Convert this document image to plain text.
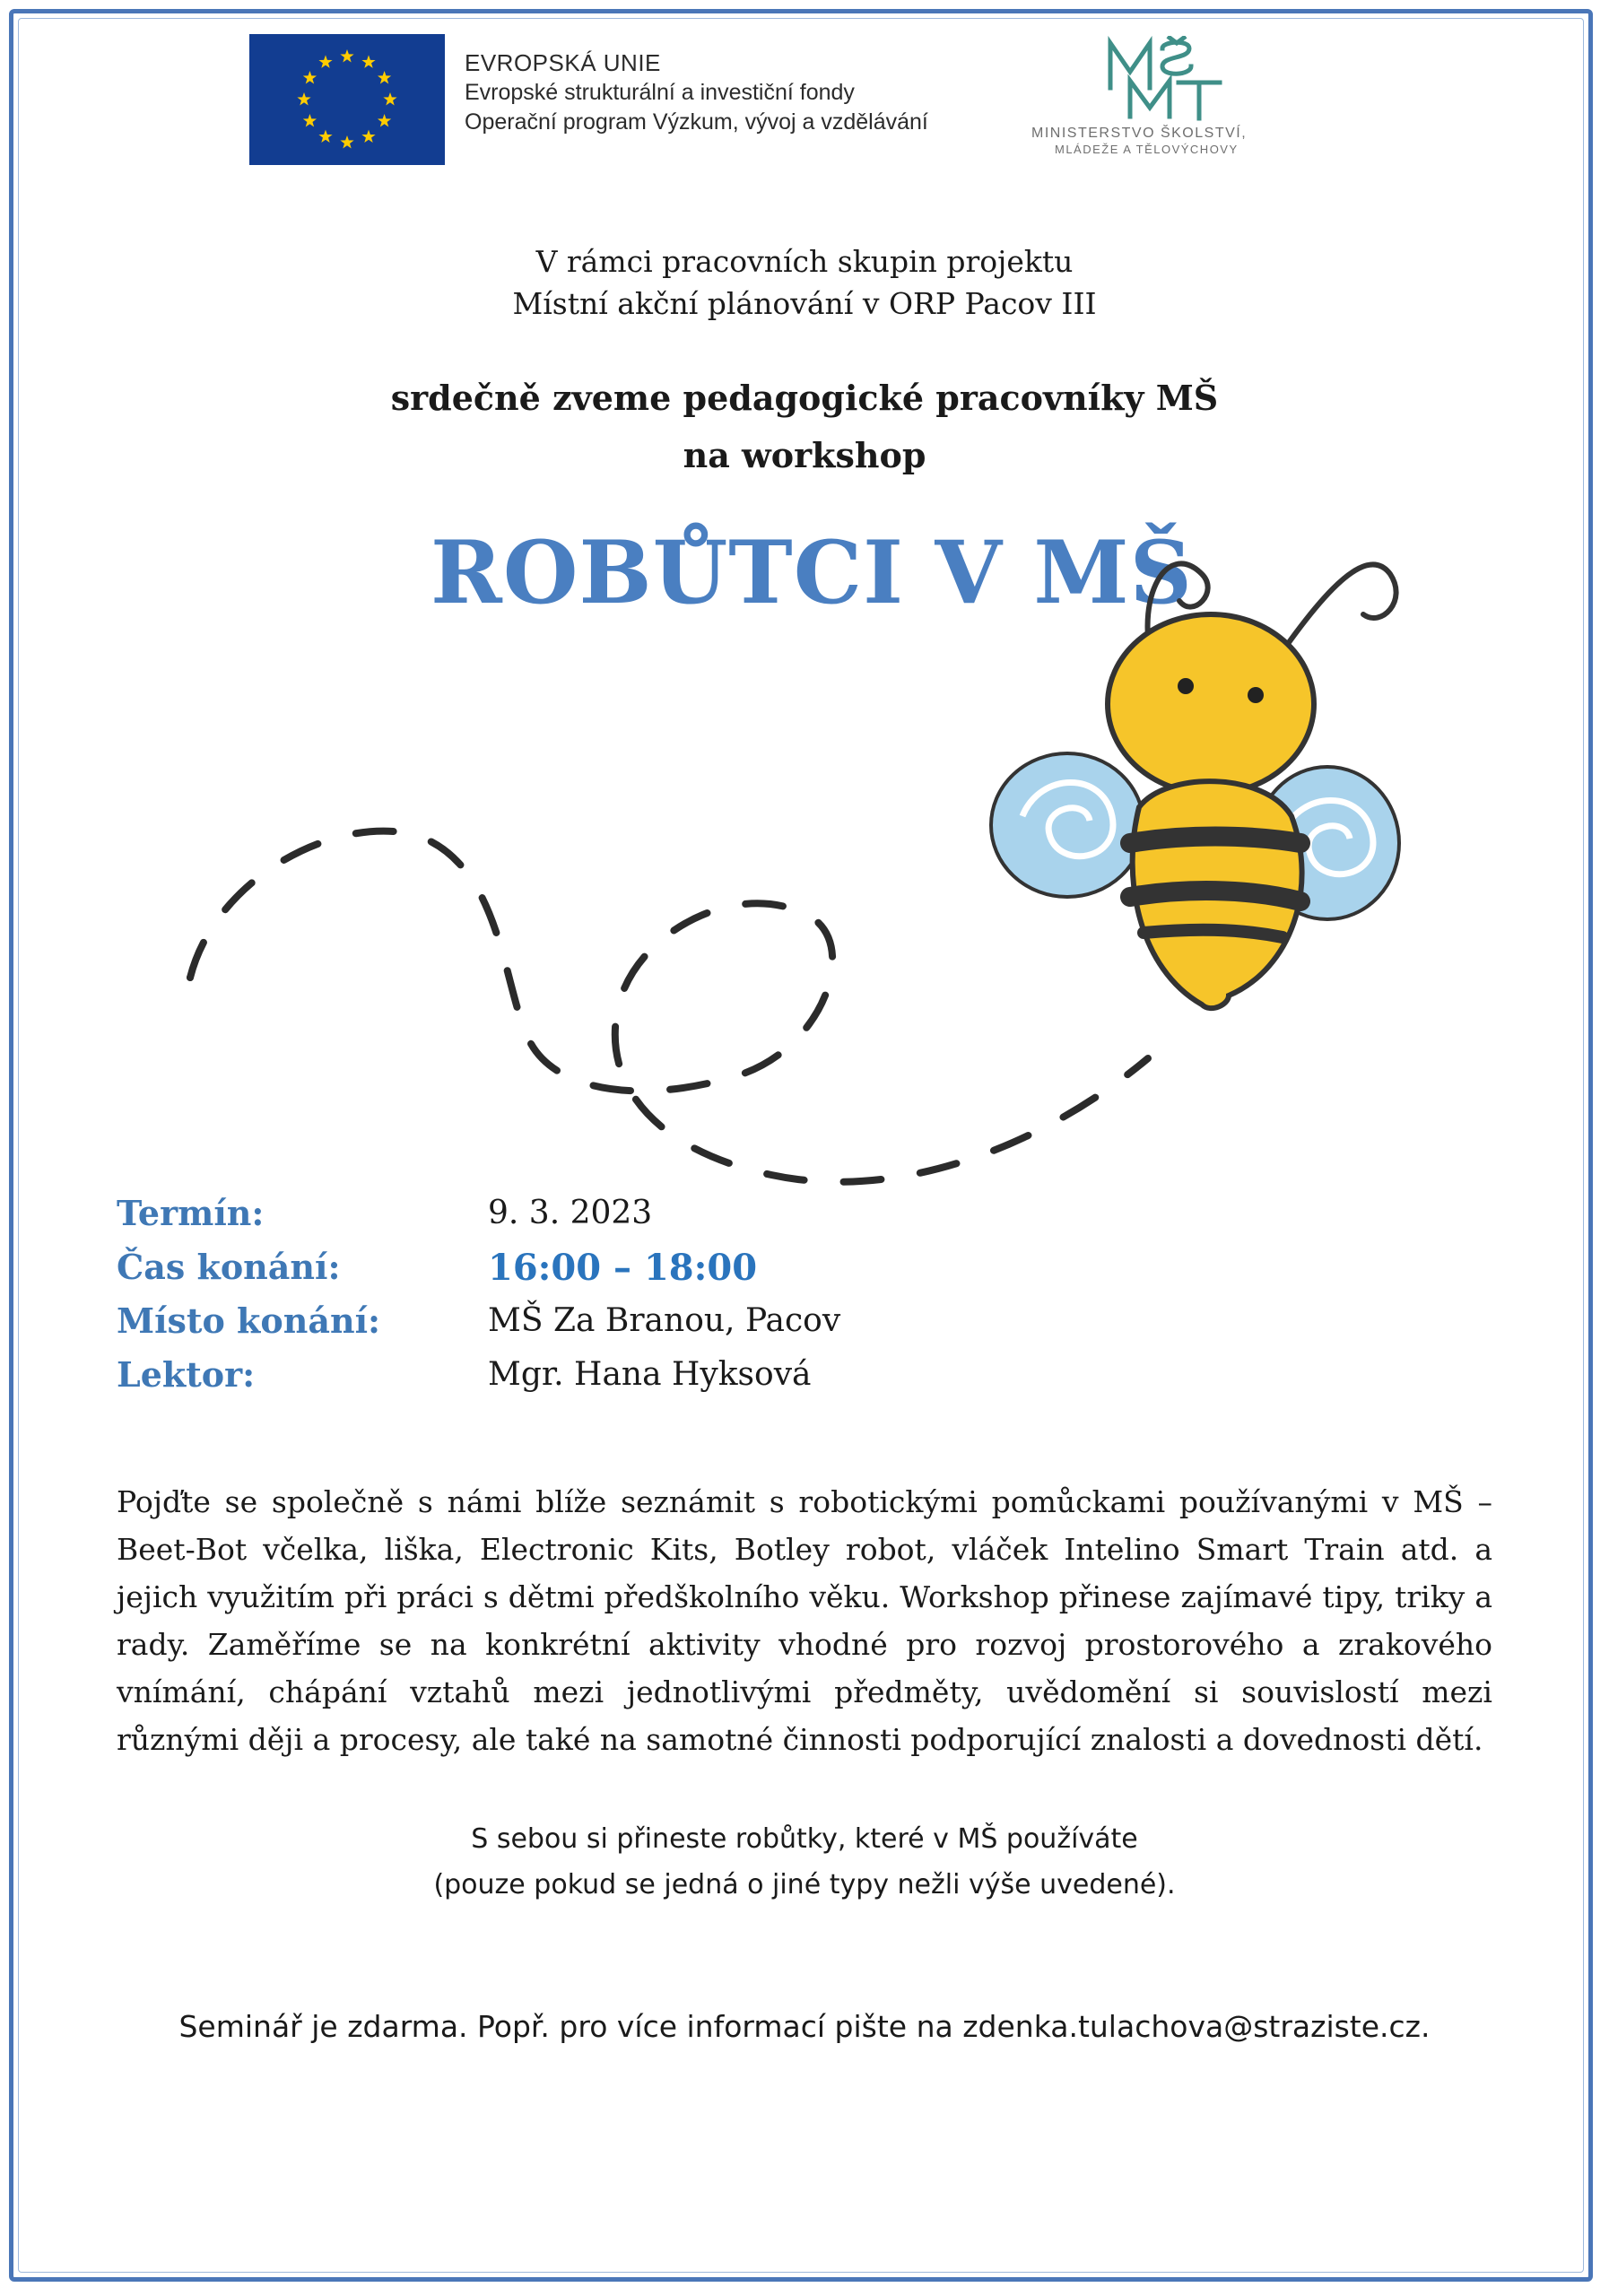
EVROPSKÁ UNIE
Evropské strukturální a investiční fondy
Operační program Výzkum, vývoj a vzdělávání	MINISTERSTVO ŠKOLSTVÍ,
MLÁDEŽE A TĚLOVÝCHOVY
V rámci pracovních skupin projektu
Místní akční plánování v ORP Pacov III
srdečně zveme pedagogické pracovníky MŠ
na workshop
ROBŮTCI V MŠ
Termín:	9. 3. 2023
Čas konání:	16:00 – 18:00
Místo konání:	MŠ Za Branou, Pacov
Lektor:	Mgr. Hana Hyksová
Pojďte se společně s námi blíže seznámit s robotickými pomůckami používanými v MŠ – Beet-Bot včelka, liška, Electronic Kits, Botley robot, vláček Intelino Smart Train atd. a jejich využitím při práci s dětmi předškolního věku. Workshop přinese zajímavé tipy, triky a rady. Zaměříme se na konkrétní aktivity vhodné pro rozvoj prostorového a zrakového vnímání, chápání vztahů mezi jednotlivými předměty, uvědomění si souvislostí mezi různými ději a procesy, ale také na samotné činnosti podporující znalosti a dovednosti dětí.
S sebou si přineste robůtky, které v MŠ používáte
(pouze pokud se jedná o jiné typy nežli výše uvedené).
Seminář je zdarma. Popř. pro více informací pište na zdenka.tulachova@straziste.cz.
